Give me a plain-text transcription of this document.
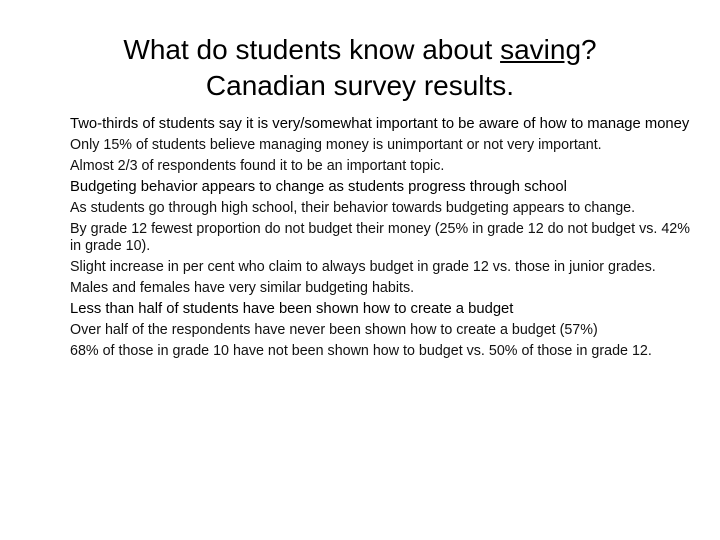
What do students know about saving?
Canadian survey results.
Two-thirds of students say it is very/somewhat important to be aware of how to manage money
Only 15% of students believe managing money is unimportant or not very important.
Almost 2/3 of respondents found it to be an important topic.
Budgeting behavior appears to change as students progress through school
As students go through high school, their behavior towards budgeting appears to change.
By grade 12 fewest proportion do not budget their money (25% in grade 12 do not budget vs. 42% in grade 10).
Slight increase in per cent who claim to always budget in grade 12 vs. those in junior grades.
Males and females have very similar budgeting habits.
Less than half of students have been shown how to create a budget
Over half of the respondents have never been shown how to create a budget (57%)
68% of those in grade 10 have not been shown how to budget vs. 50% of those in grade 12.
